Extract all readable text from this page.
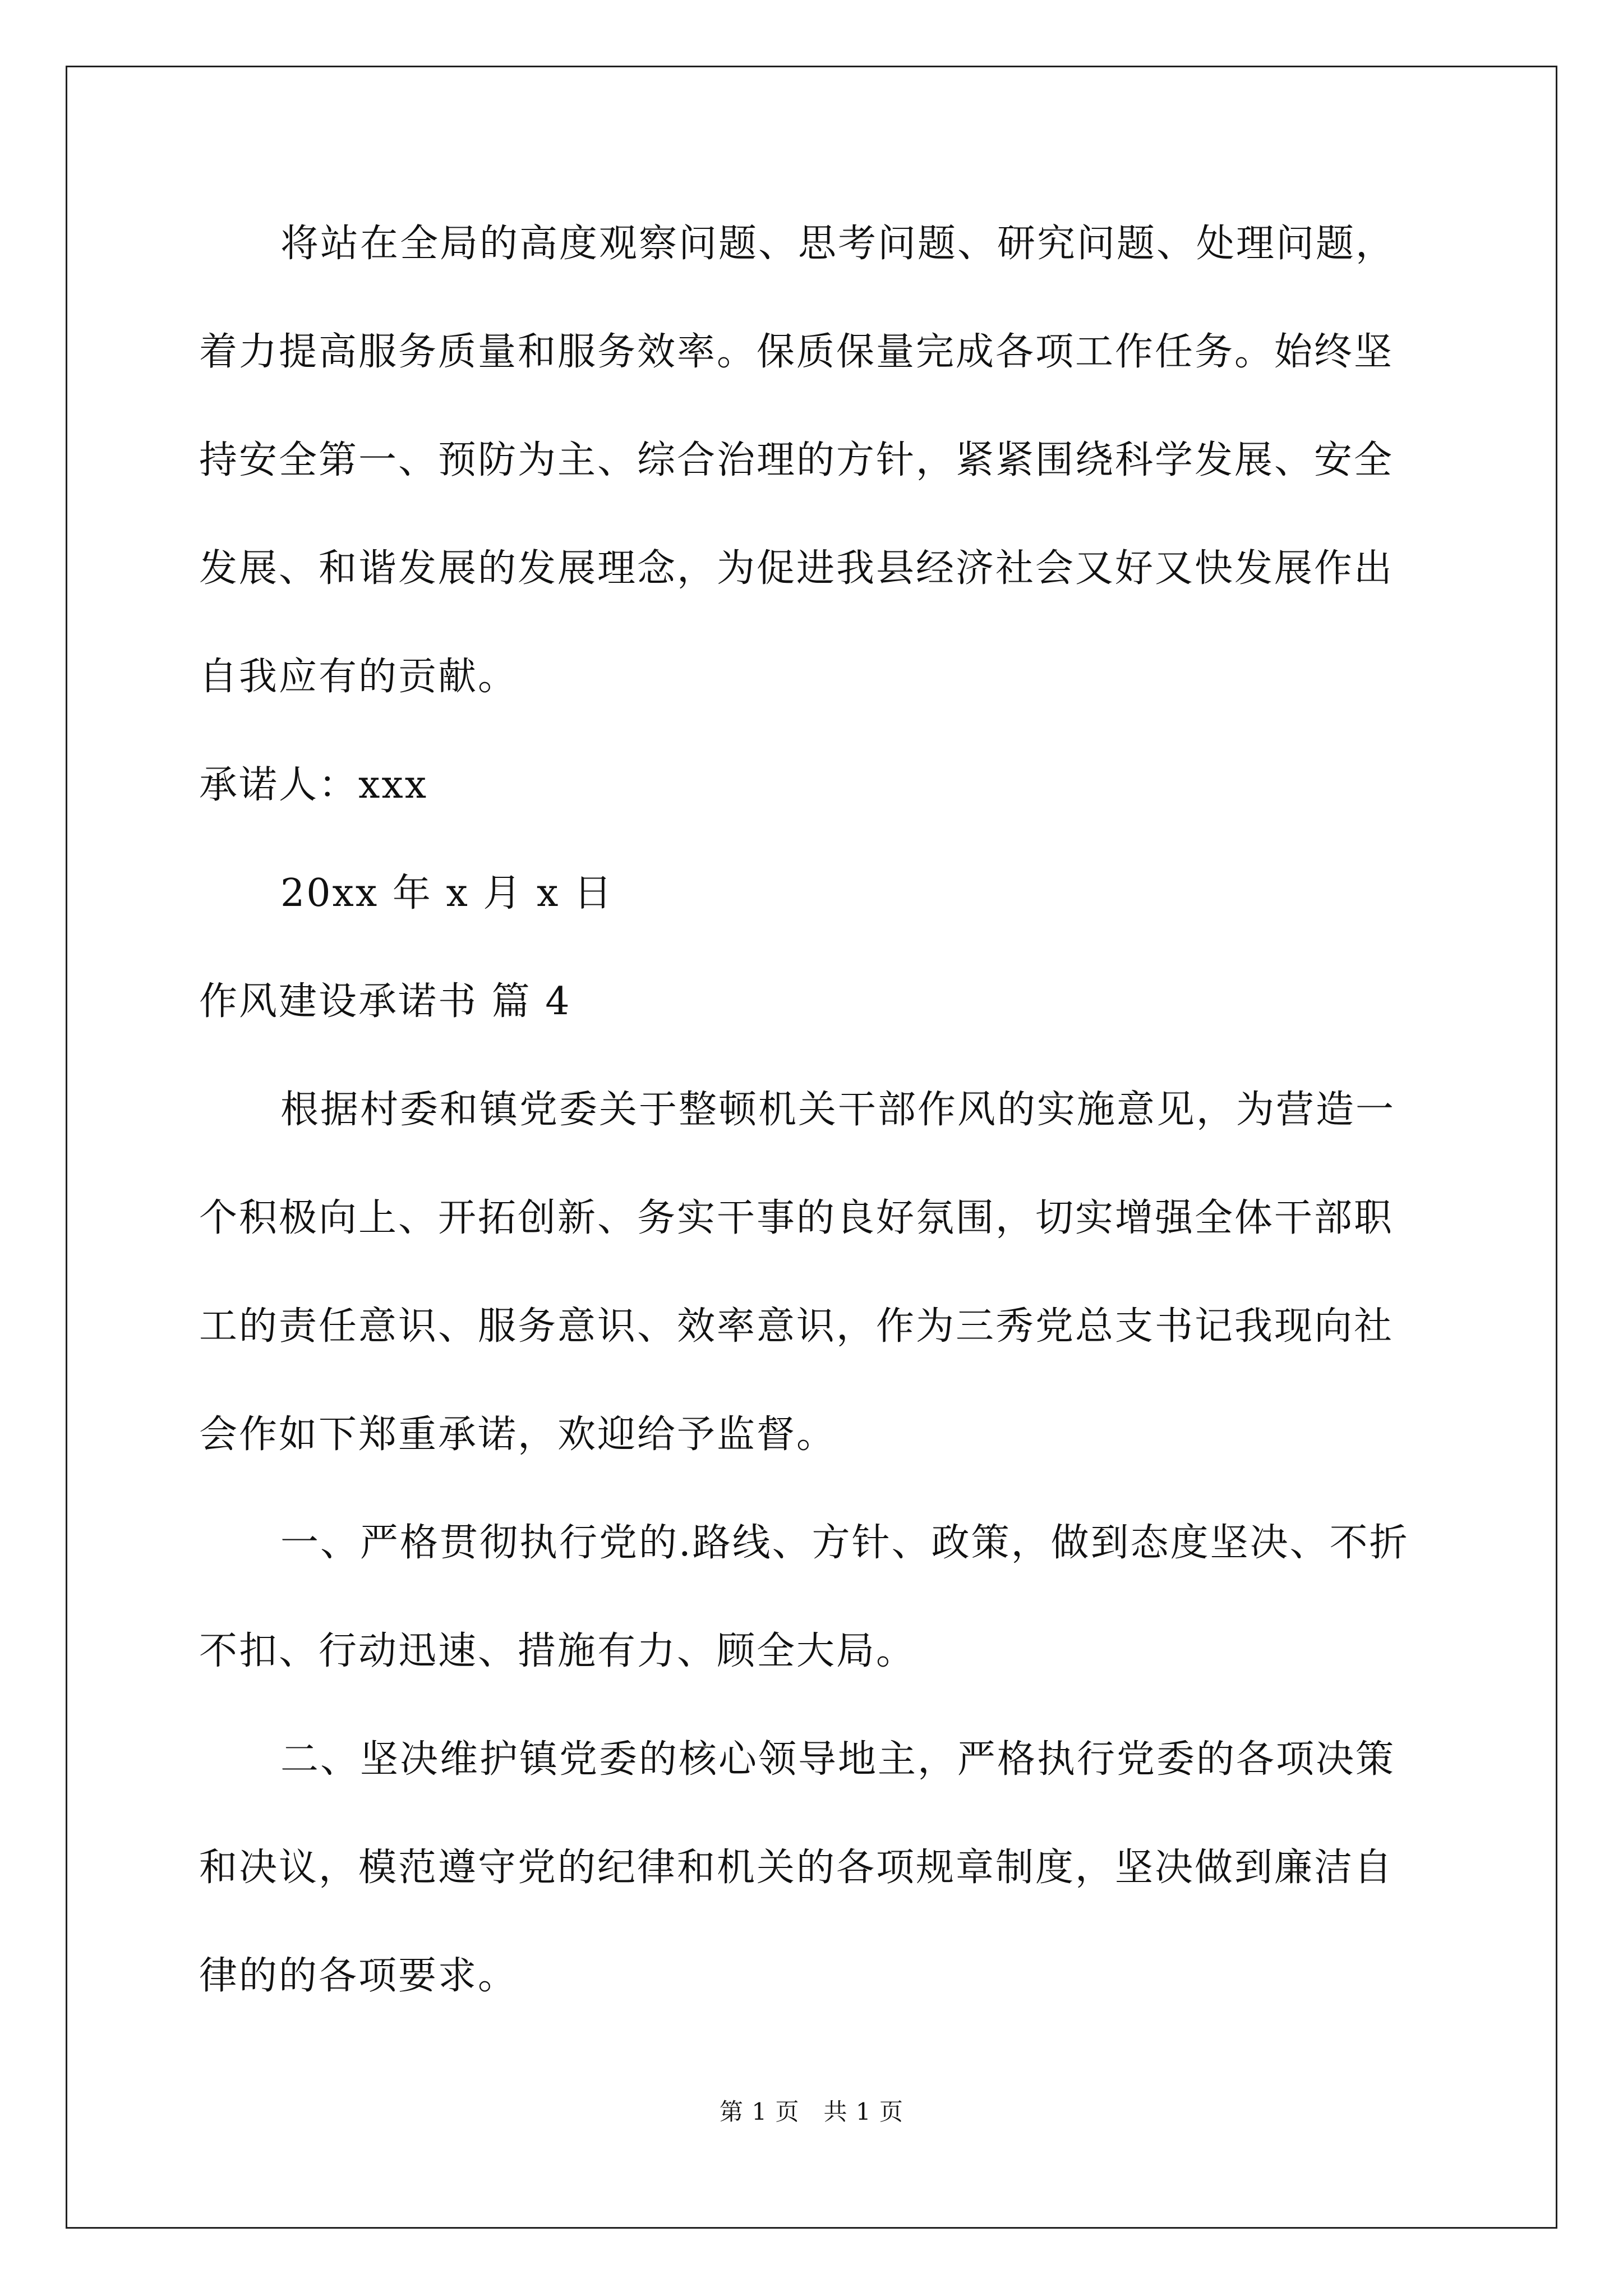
将站在全局的高度观察问题、思考问题、研究问题、处理问题，
着力提高服务质量和服务效率。保质保量完成各项工作任务。始终坚
持安全第一、预防为主、综合治理的方针，紧紧围绕科学发展、安全
发展、和谐发展的发展理念，为促进我县经济社会又好又快发展作出
自我应有的贡献。
承诺人：xxx
20xx 年 x 月 x 日
作风建设承诺书 篇 4
根据村委和镇党委关于整顿机关干部作风的实施意见，为营造一
个积极向上、开拓创新、务实干事的良好氛围，切实增强全体干部职
工的责任意识、服务意识、效率意识，作为三秀党总支书记我现向社
会作如下郑重承诺，欢迎给予监督。
一、严格贯彻执行党的.路线、方针、政策，做到态度坚决、不折
不扣、行动迅速、措施有力、顾全大局。
二、坚决维护镇党委的核心领导地主，严格执行党委的各项决策
和决议，模范遵守党的纪律和机关的各项规章制度，坚决做到廉洁自
律的的各项要求。
第 1 页   共 1 页
